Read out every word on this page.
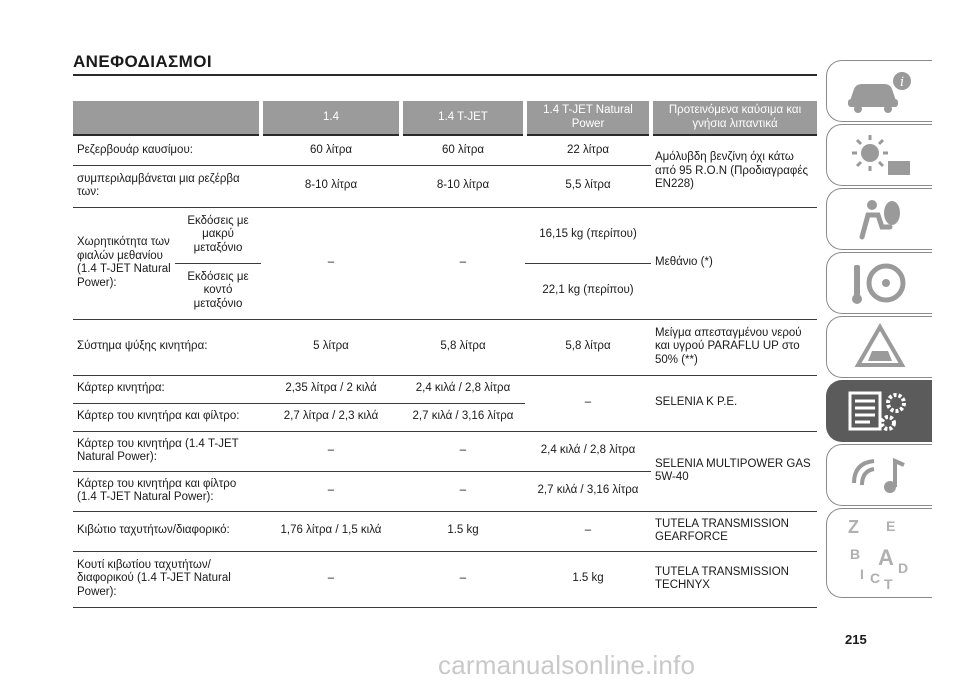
ΑΝΕΦΟΔΙΑΣΜΟΙ
		1.4	1.4 T-JET	1.4 T-JET Natural Power	Προτεινόμενα καύσιμα και γνήσια λιπαντικά
Ρεζερβουάρ καυσίμου:		60 λίτρα	60 λίτρα	22 λίτρα	Αμόλυβδη βενζίνη όχι κάτω από 95 R.O.N (Προδιαγραφές EN228)
συμπεριλαμβάνεται μια ρεζέρβα των:		8-10 λίτρα	8-10 λίτρα	5,5 λίτρα	
Χωρητικότητα των φιαλών μεθανίου (1.4 T-JET Natural Power):	Εκδόσεις με μακρύ μεταξόνιο	–	–	16,15 kg (περίπου)	Μεθάνιο (*)
	Εκδόσεις με κοντό μεταξόνιο			22,1 kg (περίπου)	
Σύστημα ψύξης κινητήρα:		5 λίτρα	5,8 λίτρα	5,8 λίτρα	Μείγμα απεσταγμένου νερού και υγρού PARAFLU UP στο 50% (**)
Κάρτερ κινητήρα:		2,35 λίτρα / 2 κιλά	2,4 κιλά / 2,8 λίτρα	–	SELENIA K P.E.
Κάρτερ του κινητήρα και φίλτρο:		2,7 λίτρα / 2,3 κιλά	2,7 κιλά / 3,16 λίτρα		
Κάρτερ του κινητήρα (1.4 T-JET Natural Power):		–	–	2,4 κιλά / 2,8 λίτρα	SELENIA MULTIPOWER GAS 5W-40
Κάρτερ του κινητήρα και φίλτρο (1.4 T-JET Natural Power):		–	–	2,7 κιλά / 3,16 λίτρα	
Κιβώτιο ταχυτήτων/διαφορικό:		1,76 λίτρα / 1,5 κιλά	1.5 kg	–	TUTELA TRANSMISSION GEARFORCE
Κουτί κιβωτίου ταχυτήτων/διαφορικού (1.4 T-JET Natural Power):		–	–	1.5 kg	TUTELA TRANSMISSION TECHNYX
215
carmanualsonline.info
i
Z E
B A
I C
D
T
